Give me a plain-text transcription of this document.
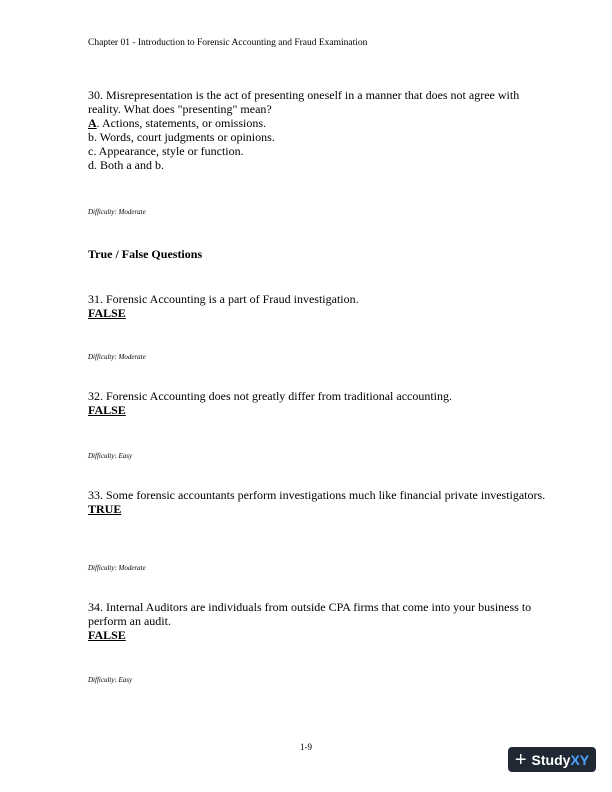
Chapter 01 - Introduction to Forensic Accounting and Fraud Examination

30. Misrepresentation is the act of presenting oneself in a manner that does not agree with reality. What does "presenting" mean?

A. Actions, statements, or omissions.

b. Words, court judgments or opinions.

c. Appearance, style or function.

d. Both a and b.

Difficulty: Moderate
True / False Questions

31. Forensic Accounting is a part of Fraud investigation.

FALSE

Difficulty: Moderate

32. Forensic Accounting does not greatly differ from traditional accounting.

FALSE

Difficulty: Easy

33. Some forensic accountants perform investigations much like financial private investigators.

TRUE

Difficulty: Moderate

34. Internal Auditors are individuals from outside CPA firms that come into your business to perform an audit.

FALSE

Difficulty: Easy
1-9
+ Study XY
